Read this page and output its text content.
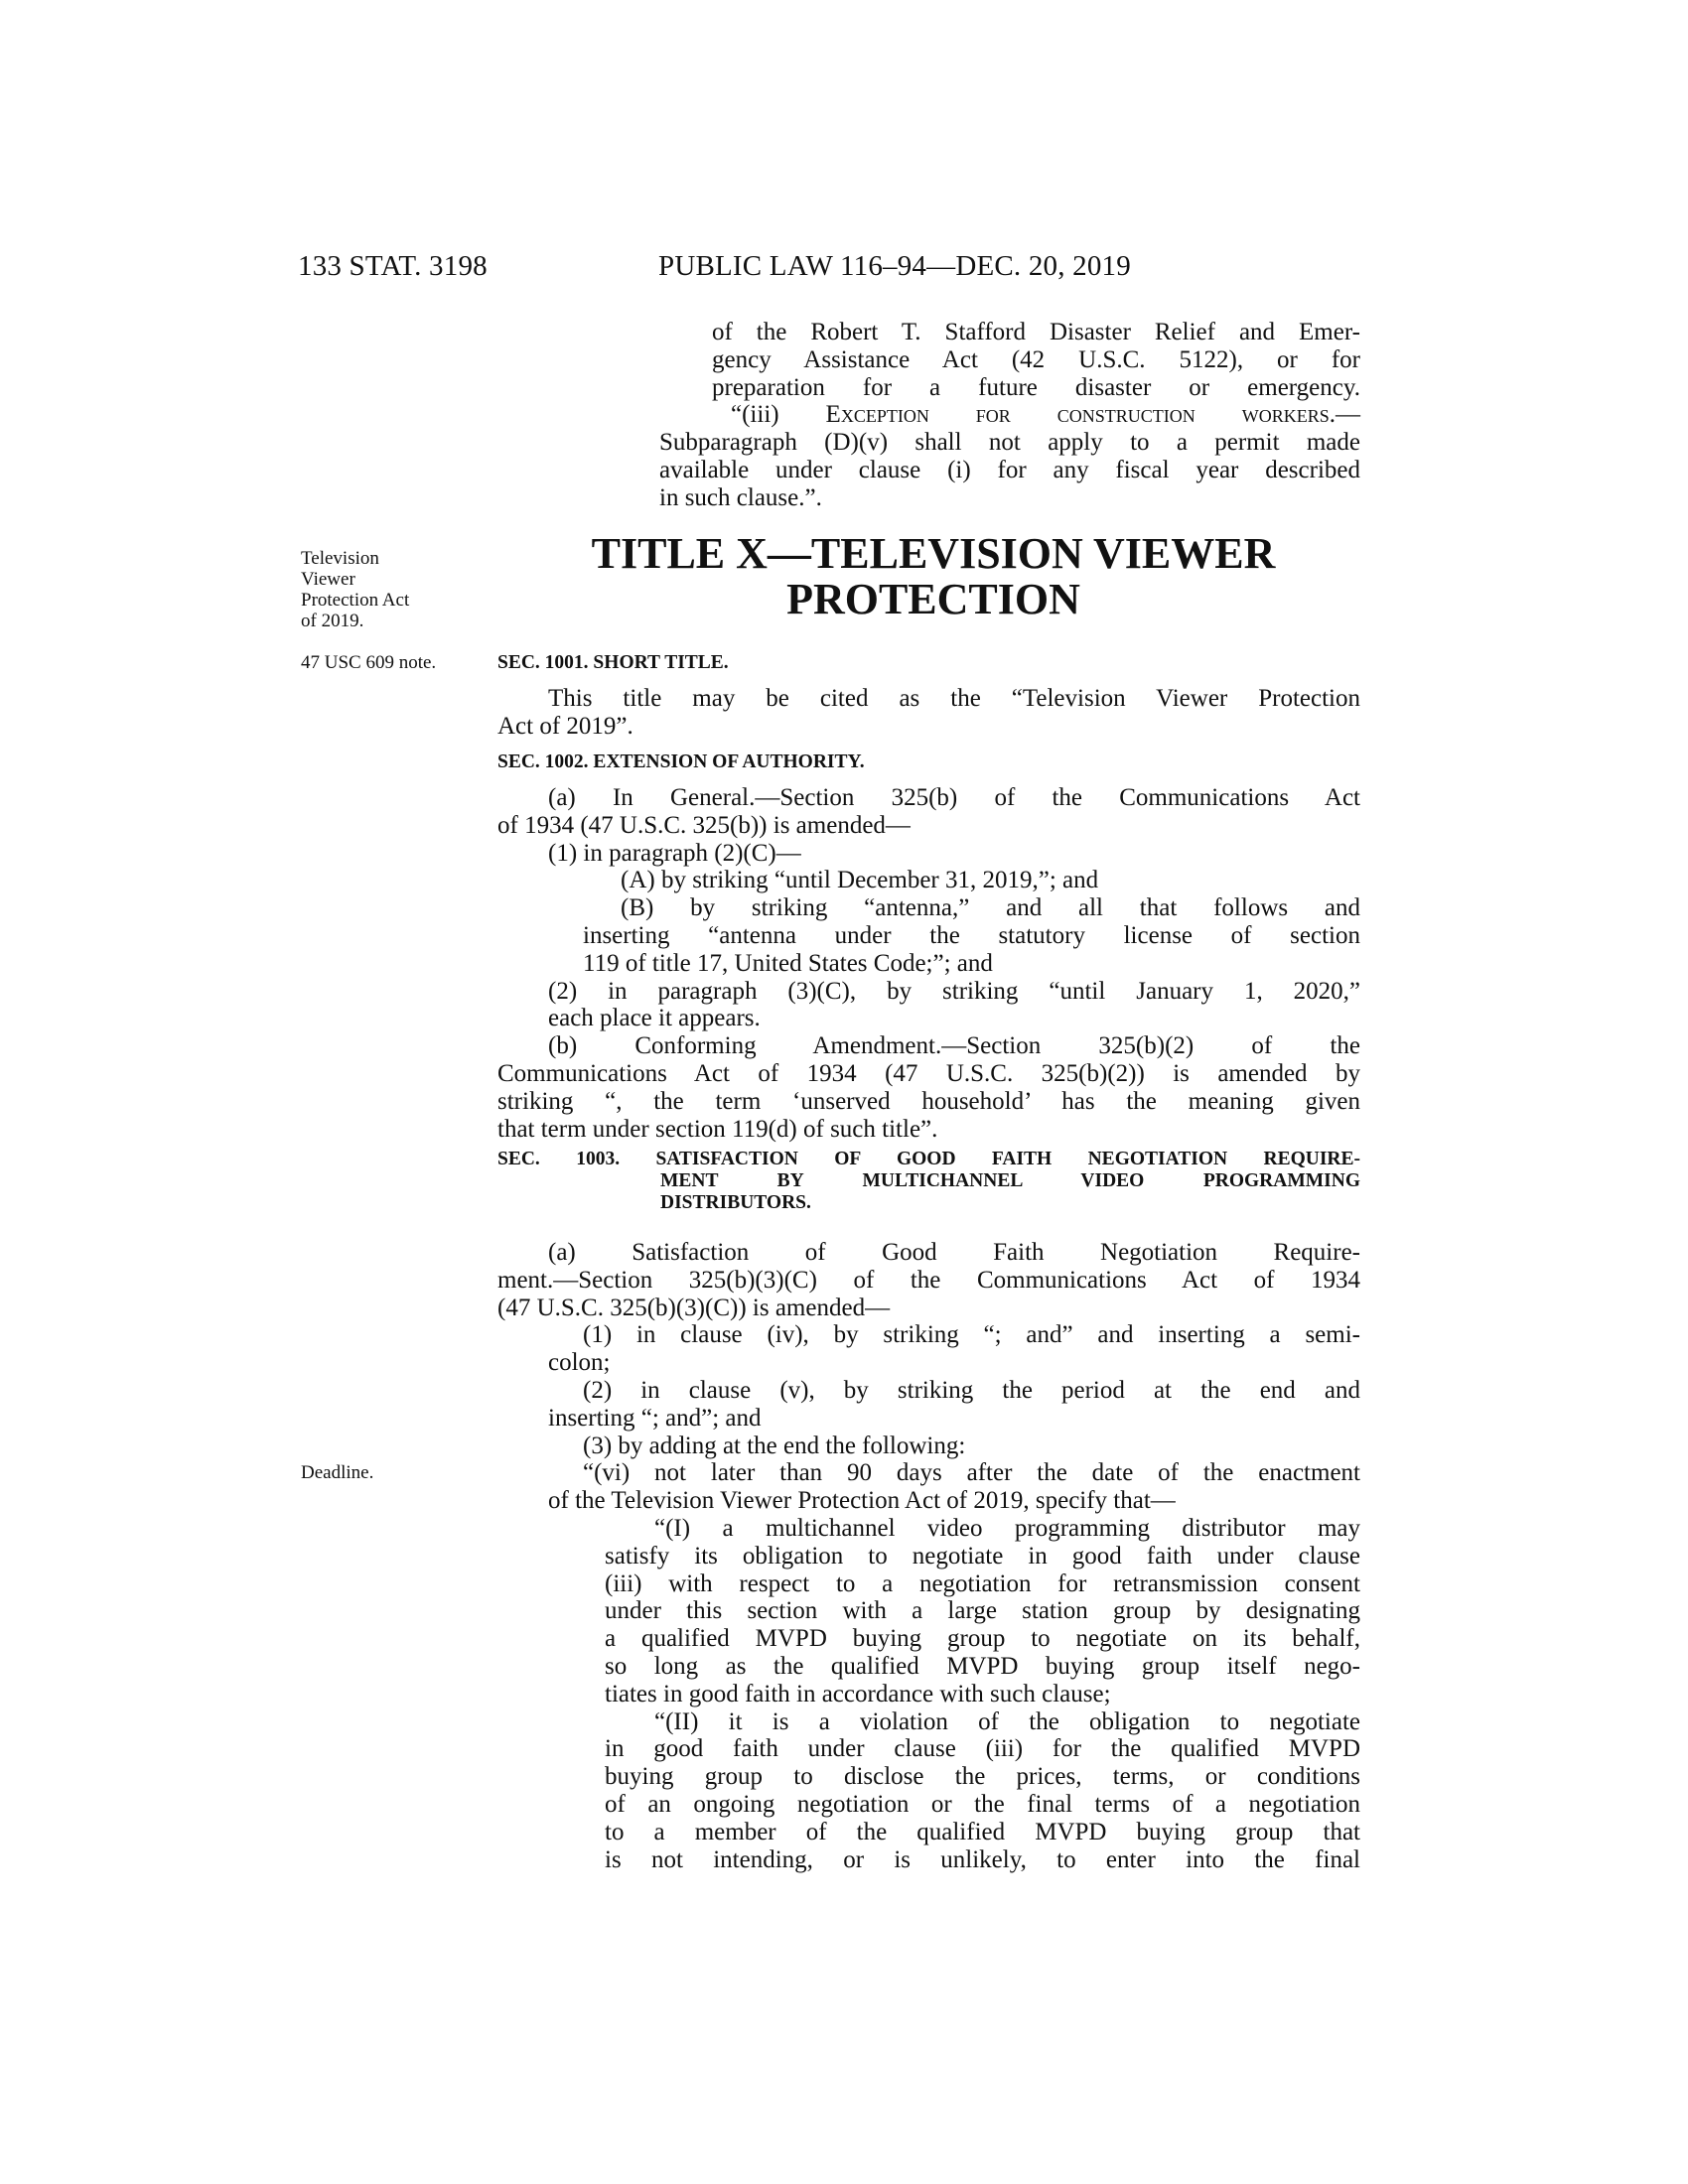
133 STAT. 3198	PUBLIC LAW 116–94—DEC. 20, 2019
of the Robert T. Stafford Disaster Relief and Emer-
gency Assistance Act (42 U.S.C. 5122), or for
preparation for a future disaster or emergency.
“(iii) Exception for construction workers.—
Subparagraph (D)(v) shall not apply to a permit made
available under clause (i) for any fiscal year described
in such clause.”.
Television
Viewer
Protection Act
of 2019.
TITLE X—TELEVISION VIEWER
PROTECTION
47 USC 609 note.	SEC. 1001. SHORT TITLE.
This title may be cited as the “Television Viewer Protection
Act of 2019”.
SEC. 1002. EXTENSION OF AUTHORITY.
(a) In General.—Section 325(b) of the Communications Act
of 1934 (47 U.S.C. 325(b)) is amended—
(1) in paragraph (2)(C)—
(A) by striking “until December 31, 2019,”; and
(B) by striking “antenna,” and all that follows and
inserting “antenna under the statutory license of section
119 of title 17, United States Code;”; and
(2) in paragraph (3)(C), by striking “until January 1, 2020,”
each place it appears.
(b) Conforming Amendment.—Section 325(b)(2) of the
Communications Act of 1934 (47 U.S.C. 325(b)(2)) is amended by
striking “, the term ‘unserved household’ has the meaning given
that term under section 119(d) of such title”.
SEC. 1003. SATISFACTION OF GOOD FAITH NEGOTIATION REQUIRE-
MENT BY MULTICHANNEL VIDEO PROGRAMMING
DISTRIBUTORS.
(a) Satisfaction of Good Faith Negotiation Require-
ment.—Section 325(b)(3)(C) of the Communications Act of 1934
(47 U.S.C. 325(b)(3)(C)) is amended—
(1) in clause (iv), by striking “; and” and inserting a semi-
colon;
(2) in clause (v), by striking the period at the end and
inserting “; and”; and
(3) by adding at the end the following:
“(vi) not later than 90 days after the date of the enactment
of the Television Viewer Protection Act of 2019, specify that—
“(I) a multichannel video programming distributor may
satisfy its obligation to negotiate in good faith under clause
(iii) with respect to a negotiation for retransmission consent
under this section with a large station group by designating
a qualified MVPD buying group to negotiate on its behalf,
so long as the qualified MVPD buying group itself nego-
tiates in good faith in accordance with such clause;
“(II) it is a violation of the obligation to negotiate
in good faith under clause (iii) for the qualified MVPD
buying group to disclose the prices, terms, or conditions
of an ongoing negotiation or the final terms of a negotiation
to a member of the qualified MVPD buying group that
is not intending, or is unlikely, to enter into the final
Deadline.
